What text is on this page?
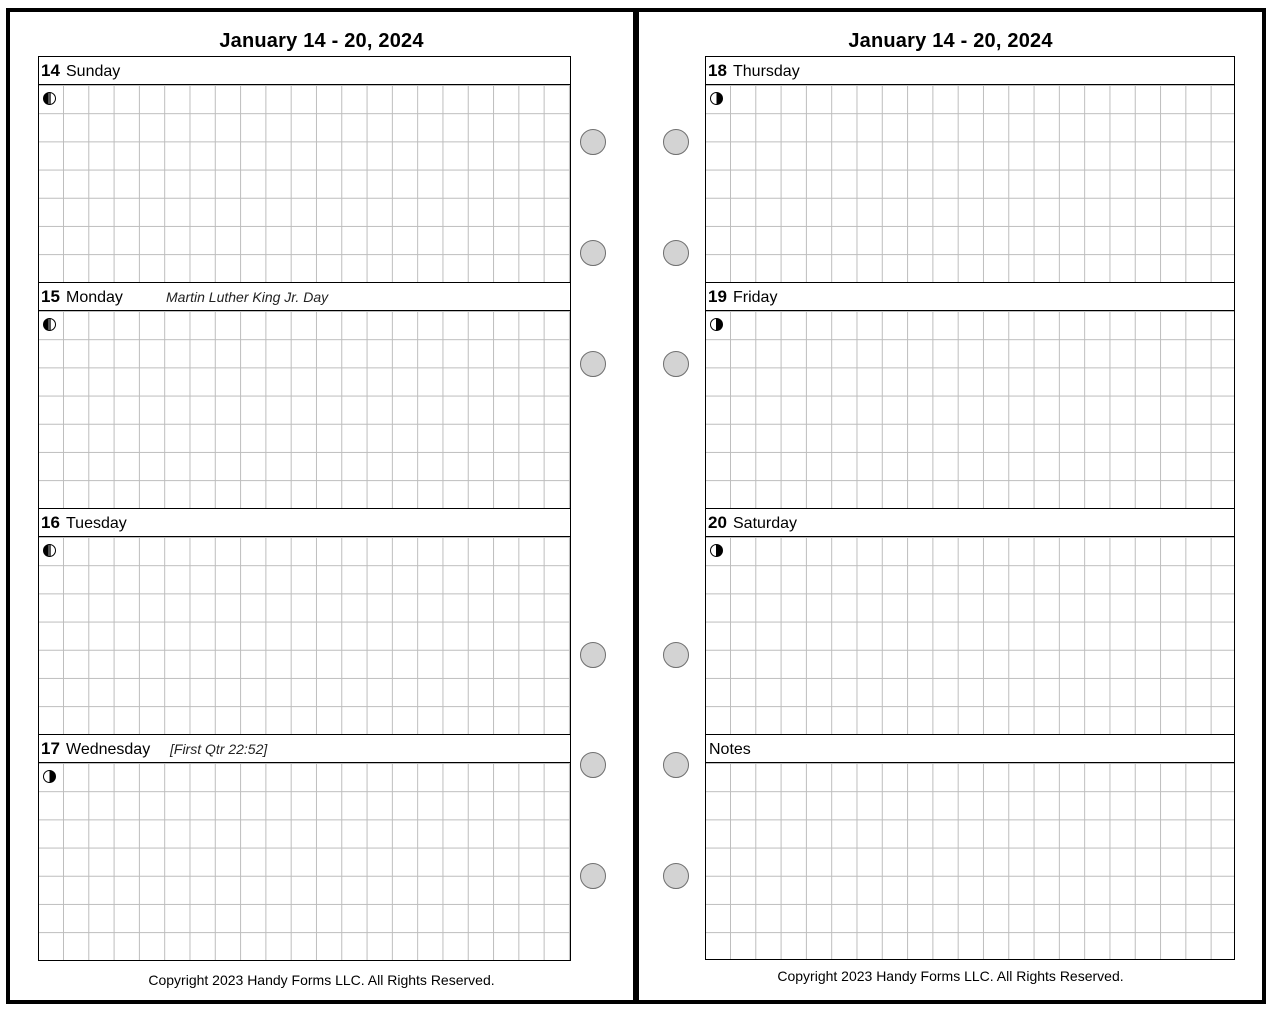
January 14 - 20, 2024
14 Sunday
15 Monday	Martin Luther King Jr. Day
16 Tuesday
17 Wednesday [First Qtr 22:52]
Copyright 2023 Handy Forms LLC. All Rights Reserved.
January 14 - 20, 2024
18 Thursday
19 Friday
20 Saturday
Notes
Copyright 2023 Handy Forms LLC. All Rights Reserved.
